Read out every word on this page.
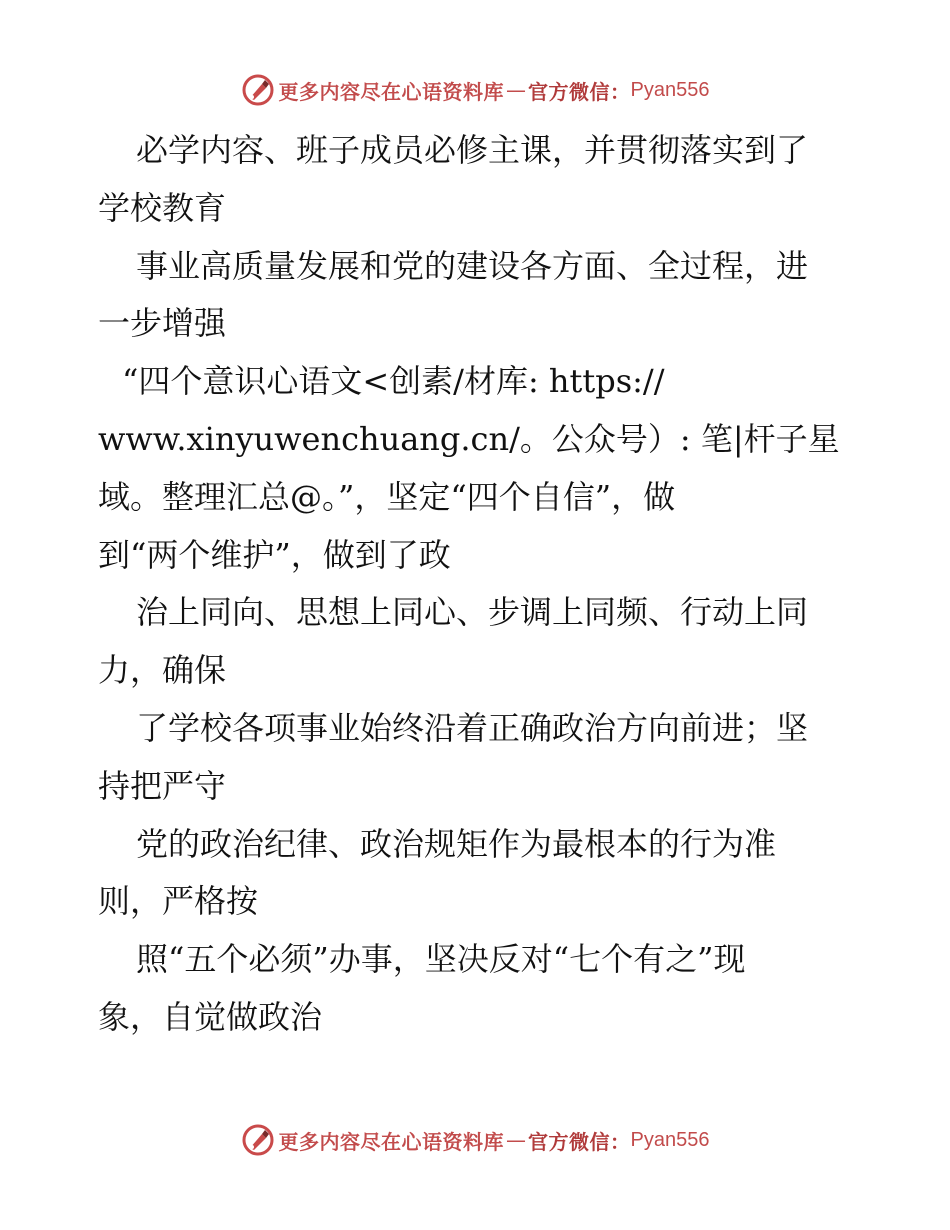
更多内容尽在心语资料库 — 官方微信： Pyan556
必学内容、班子成员必修主课，并贯彻落实到了
学校教育
事业高质量发展和党的建设各方面、全过程，进
一步增强
“四个意识心语文<创素/材库: https://
www.xinyuwenchuang.cn/。公众号）: 笔|杆子星
域。整理汇总@。”，坚定“四个自信”，做
到“两个维护”，做到了政
治上同向、思想上同心、步调上同频、行动上同
力，确保
了学校各项事业始终沿着正确政治方向前进；坚
持把严守
党的政治纪律、政治规矩作为最根本的行为准
则，严格按
照“五个必须”办事，坚决反对“七个有之”现
象，自觉做政治
更多内容尽在心语资料库 — 官方微信： Pyan556
